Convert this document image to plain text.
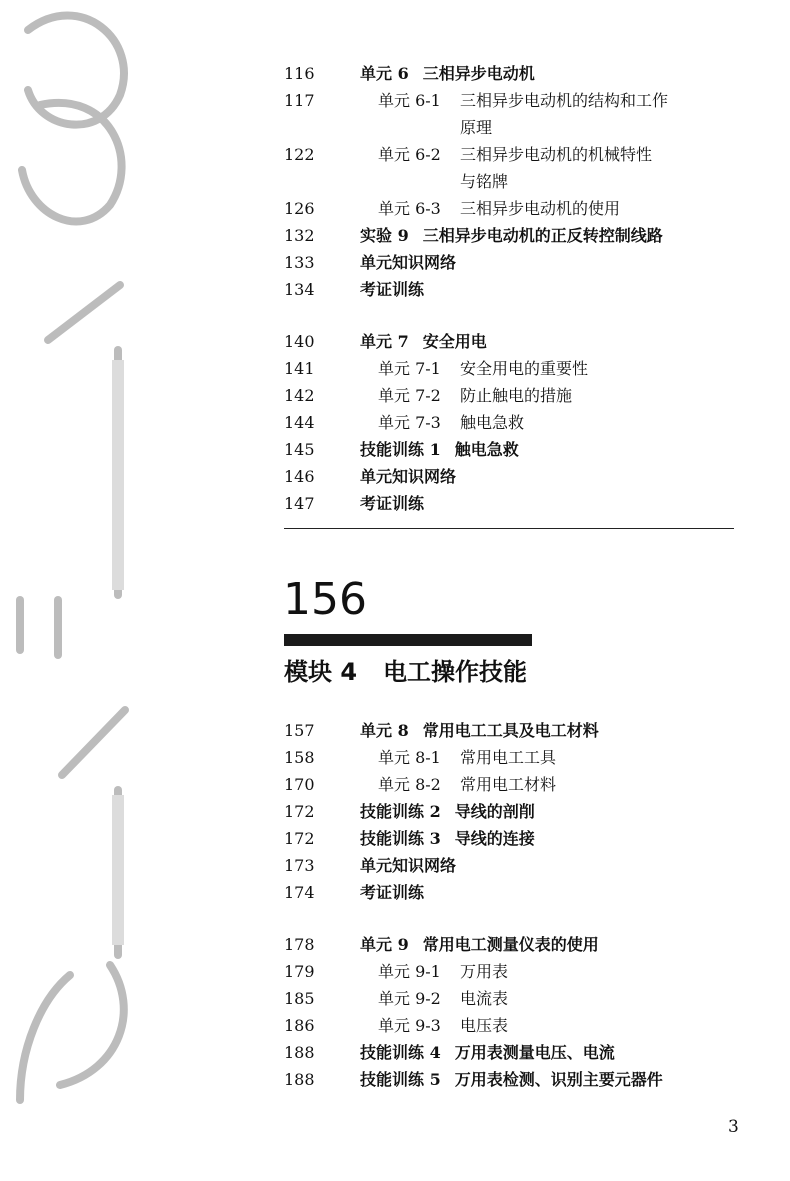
116	单元 6 三相异步电动机
117	单元 6-1 三相异步电动机的结构和工作
原理
122	单元 6-2 三相异步电动机的机械特性
与铭牌
126	单元 6-3 三相异步电动机的使用
132	实验 9 三相异步电动机的正反转控制线路
133	单元知识网络
134	考证训练
140	单元 7 安全用电
141	单元 7-1 安全用电的重要性
142	单元 7-2 防止触电的措施
144	单元 7-3 触电急救
145	技能训练 1 触电急救
146	单元知识网络
147	考证训练
157	单元 8 常用电工工具及电工材料
158	单元 8-1 常用电工工具
170	单元 8-2 常用电工材料
172	技能训练 2 导线的剖削
172	技能训练 3 导线的连接
173	单元知识网络
174	考证训练
178	单元 9 常用电工测量仪表的使用
179	单元 9-1 万用表
185	单元 9-2 电流表
186	单元 9-3 电压表
188	技能训练 4 万用表测量电压、电流
188	技能训练 5 万用表检测、识别主要元器件
156
模块 4 电工操作技能
3
